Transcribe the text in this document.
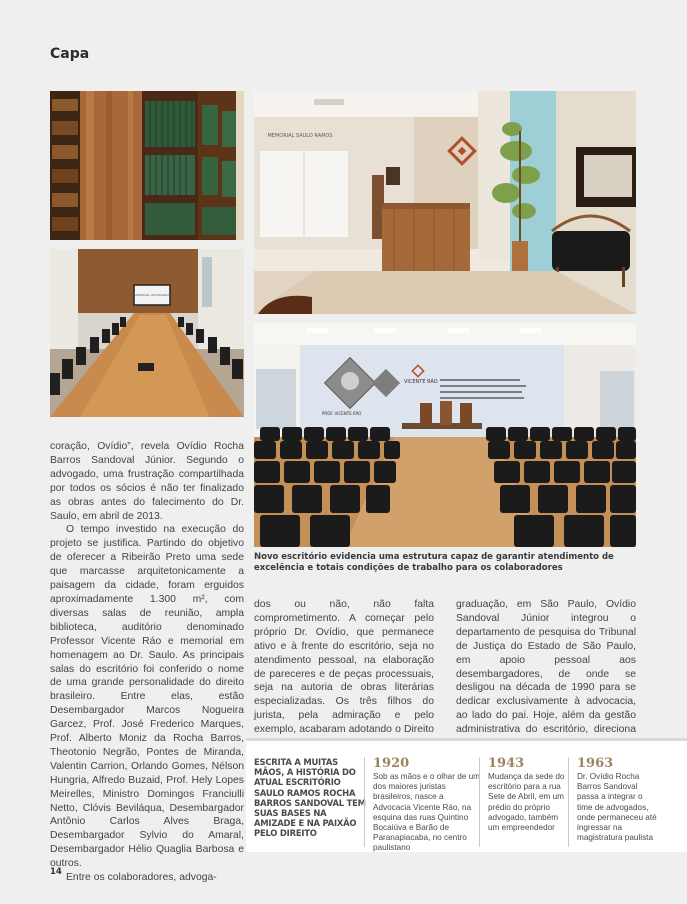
Capa
SANDOVAL ADVOGADOS
MEMORIAL SAULO RAMOS
VICENTE RÁO
PROF. VICENTE RÁO
Novo escritório evidencia uma estrutura capaz de garantir atendimento de excelência e totais condições de trabalho para os colaboradores

coração, Ovídio”, revela Ovídio Rocha Barros Sandoval Júnior. Segundo o advogado, uma frustração compartilhada por todos os sócios é não ter finalizado as obras antes do falecimento do Dr. Saulo, em abril de 2013.

O tempo investido na execução do projeto se justifica. Partindo do objetivo de oferecer a Ribeirão Preto uma sede que marcasse arquitetonicamente a paisagem da cidade, foram erguidos aproximadamente 1.300 m², com diversas salas de reunião, ampla biblioteca, auditório denominado Professor Vicente Ráo e memorial em homenagem ao Dr. Saulo. As principais salas do escritório foi conferido o nome de uma grande personalidade do direito brasileiro. Entre elas, estão Desembargador Marcos Nogueira Garcez, Prof. José Frederico Marques, Prof. Alberto Moniz da Rocha Barros, Theotonio Negrão, Pontes de Miranda, Valentin Carrion, Orlando Gomes, Nélson Hungria, Alfredo Buzaid, Prof. Hely Lopes Meirelles, Ministro Domingos Franciulli Netto, Clóvis Beviláqua, Desembargador Antônio Carlos Alves Braga, Desembargador Sylvio do Amaral, Desembargador Hélio Quaglia Barbosa e outros.

Entre os colaboradores, advoga-

dos ou não, não falta comprometimento. A começar pelo próprio Dr. Ovídio, que permanece ativo e à frente do escritório, seja no atendimento pessoal, na elaboração de pareceres e de peças processuais, seja na autoria de obras literárias especializadas. Os três filhos do jurista, pela admiração e pelo exemplo, acabaram adotando o Direito

graduação, em São Paulo, Ovídio Sandoval Júnior integrou o departamento de pesquisa do Tribunal de Justiça do Estado de São Paulo, em apoio pessoal aos desembargadores, de onde se desligou na década de 1990 para se dedicar exclusivamente à advocacia, ao lado do pai. Hoje, além da gestão administrativa do escritório, direciona

ESCRITA A MUITAS MÃOS, A HISTÓRIA DO ATUAL ESCRITÓRIO SAULO RAMOS ROCHA BARROS SANDOVAL TEM SUAS BASES NA AMIZADE E NA PAIXÃO PELO DIREITO
1920
Sob as mãos e o olhar de um dos maiores juristas brasileiros, nasce a Advocacia Vicente Ráo, na esquina das ruas Quintino Bocaiúva e Barão de Paranapiacaba, no centro paulistano
1943
Mudança da sede do escritório para a rua Sete de Abril, em um prédio do próprio advogado, também um empreendedor
1963
Dr. Ovídio Rocha Barros Sandoval passa a integrar o time de advogados, onde permaneceu até ingressar na magistratura paulista
14
